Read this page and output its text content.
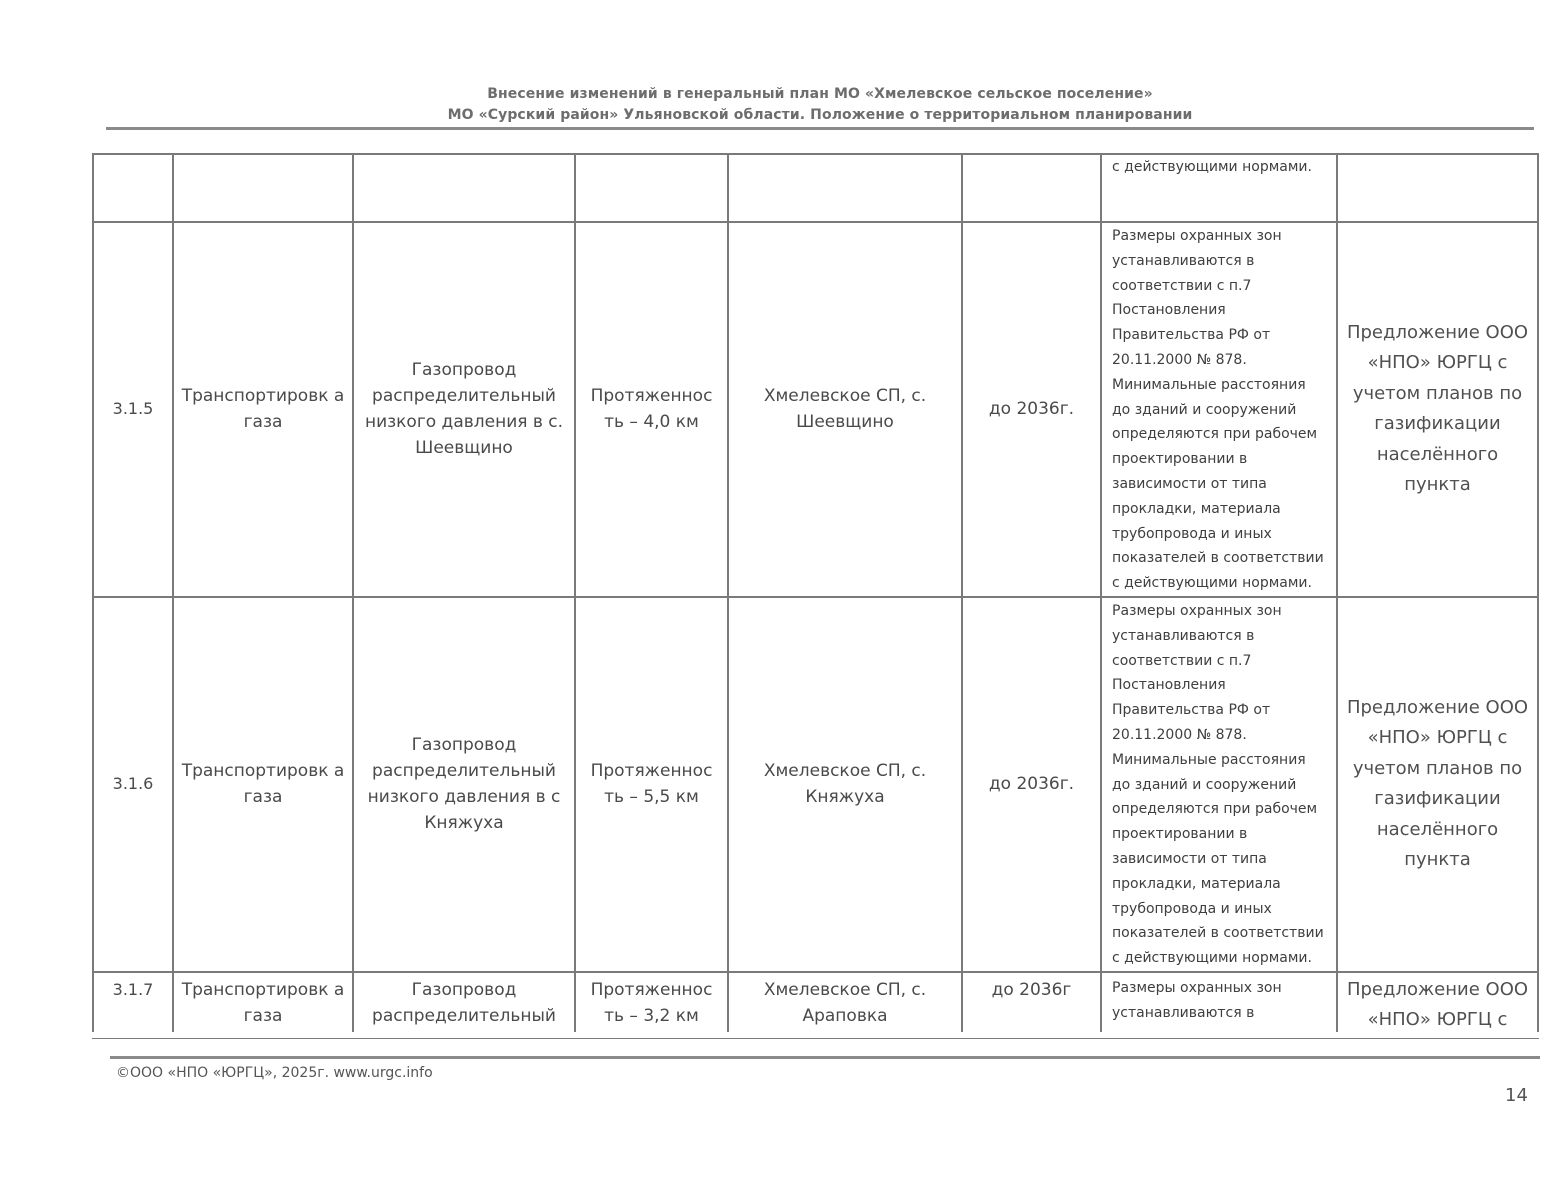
Внесение изменений в генеральный план МО «Хмелевское сельское поселение»
МО «Сурский район» Ульяновской области. Положение о территориальном планировании
						с действующими нормами.	
3.1.5	Транспортировк а газа	Газопровод распределительный низкого давления в с. Шеевщино	Протяженнос ть – 4,0 км	Хмелевское СП, с. Шеевщино	до 2036г.	Размеры охранных зон устанавливаются в соответствии с п.7 Постановления Правительства РФ от 20.11.2000 № 878. Минимальные расстояния до зданий и сооружений определяются при рабочем проектировании в зависимости от типа прокладки, материала трубопровода и иных показателей в соответствии с действующими нормами.	Предложение ООО «НПО» ЮРГЦ с учетом планов по газификации населённого пункта
3.1.6	Транспортировк а газа	Газопровод распределительный низкого давления в с Княжуха	Протяженнос ть – 5,5 км	Хмелевское СП, с. Княжуха	до 2036г.	Размеры охранных зон устанавливаются в соответствии с п.7 Постановления Правительства РФ от 20.11.2000 № 878. Минимальные расстояния до зданий и сооружений определяются при рабочем проектировании в зависимости от типа прокладки, материала трубопровода и иных показателей в соответствии с действующими нормами.	Предложение ООО «НПО» ЮРГЦ с учетом планов по газификации населённого пункта
3.1.7	Транспортировк а газа	Газопровод распределительный	Протяженнос ть – 3,2 км	Хмелевское СП, с. Араповка	до 2036г	Размеры охранных зон устанавливаются в	Предложение ООО «НПО» ЮРГЦ с
©ООО «НПО «ЮРГЦ», 2025г. www.urgc.info
14
